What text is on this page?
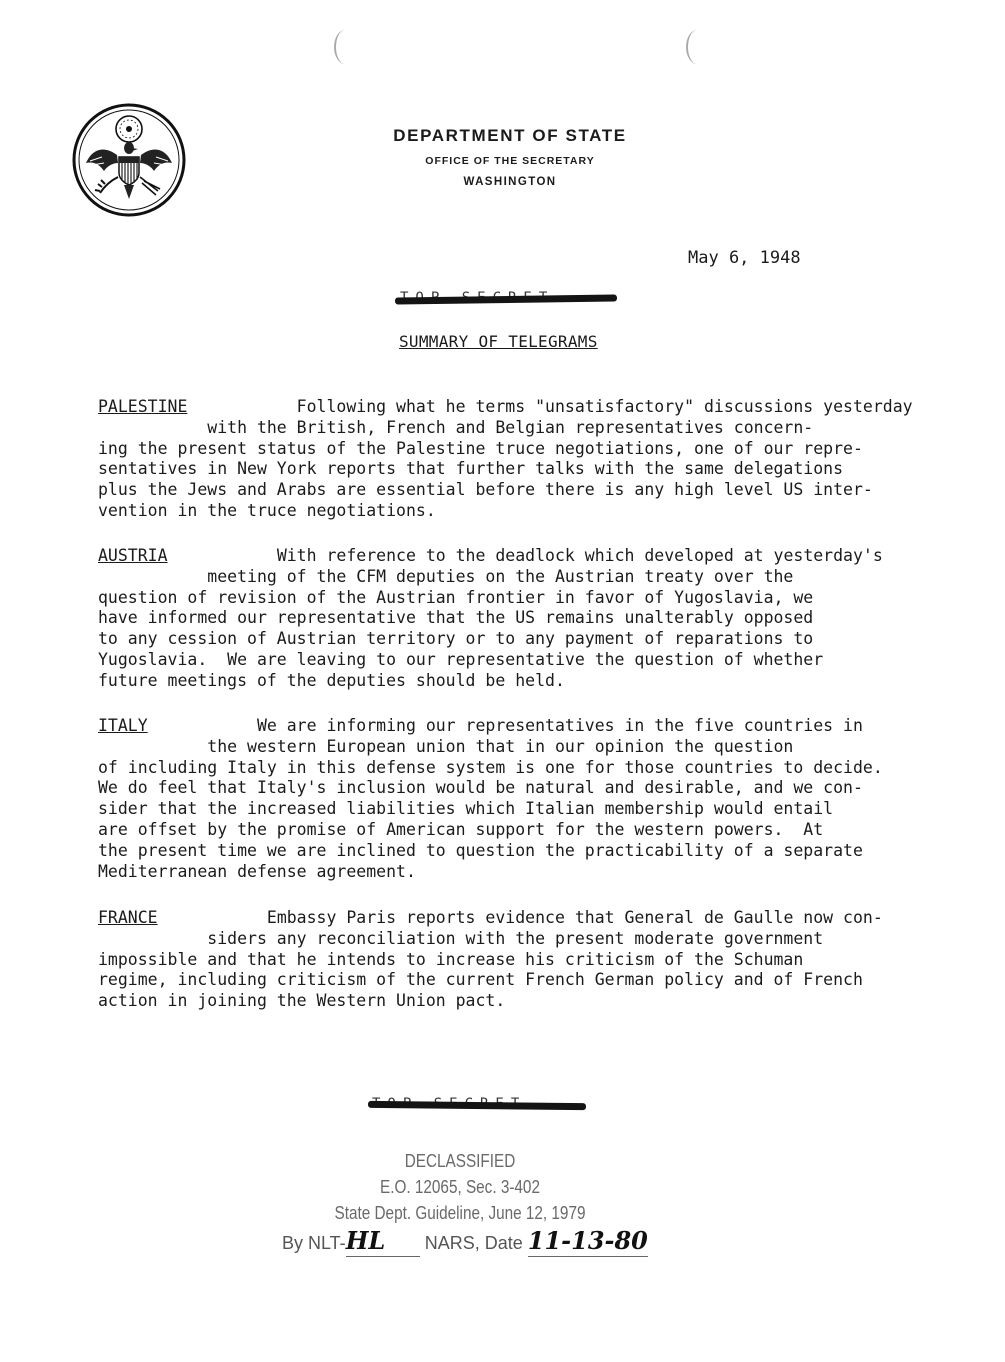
DEPARTMENT OF STATE
OFFICE OF THE SECRETARY
WASHINGTON
May 6, 1948
SUMMARY OF TELEGRAMS
PALESTINE           Following what he terms "unsatisfactory" discussions yesterday
with the British, French and Belgian representatives concern-
ing the present status of the Palestine truce negotiations, one of our repre-
sentatives in New York reports that further talks with the same delegations
plus the Jews and Arabs are essential before there is any high level US inter-
vention in the truce negotiations.
AUSTRIA           With reference to the deadlock which developed at yesterday's
meeting of the CFM deputies on the Austrian treaty over the
question of revision of the Austrian frontier in favor of Yugoslavia, we
have informed our representative that the US remains unalterably opposed
to any cession of Austrian territory or to any payment of reparations to
Yugoslavia.  We are leaving to our representative the question of whether
future meetings of the deputies should be held.
ITALY           We are informing our representatives in the five countries in
the western European union that in our opinion the question
of including Italy in this defense system is one for those countries to decide.
We do feel that Italy's inclusion would be natural and desirable, and we con-
sider that the increased liabilities which Italian membership would entail
are offset by the promise of American support for the western powers.  At
the present time we are inclined to question the practicability of a separate
Mediterranean defense agreement.
FRANCE           Embassy Paris reports evidence that General de Gaulle now con-
siders any reconciliation with the present moderate government
impossible and that he intends to increase his criticism of the Schuman
regime, including criticism of the current French German policy and of French
action in joining the Western Union pact.
DECLASSIFIED
E.O. 12065, Sec. 3-402
State Dept. Guideline, June 12, 1979
By NLT-HL NARS, Date 11-13-80
